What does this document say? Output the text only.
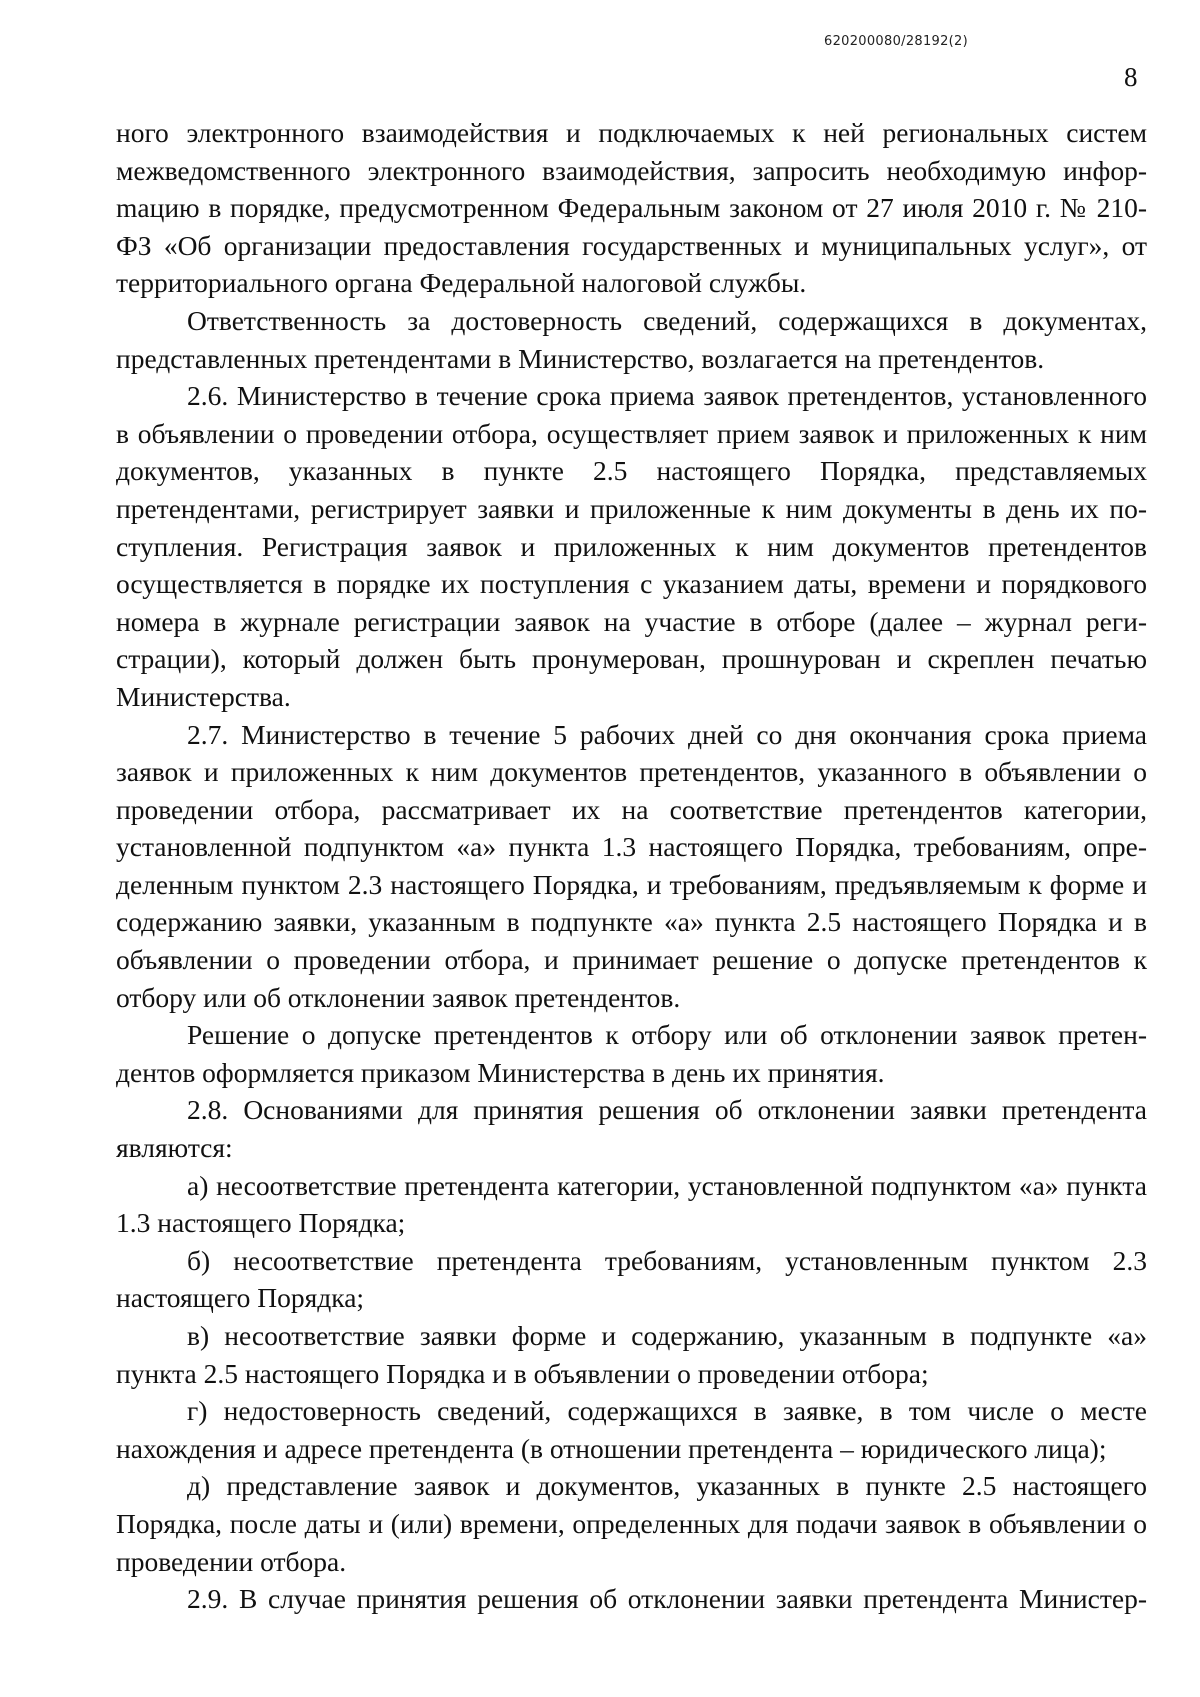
620200080/28192(2)
8

ного электронного взаимодействия и подключаемых к ней региональных систем межведомственного электронного взаимодействия, запросить необходимую инфорmацию в порядке, предусмотренном Федеральным законом от 27 июля 2010 г. № 210-ФЗ «Об организации предоставления государственных и муниципальных услуг», от территориального органа Федеральной налоговой службы.

Ответственность за достоверность сведений, содержащихся в документах, представленных претендентами в Министерство, возлагается на претендентов.

2.6. Министерство в течение срока приема заявок претендентов, установленного в объявлении о проведении отбора, осуществляет прием заявок и приложенных к ним документов, указанных в пункте 2.5 настоящего Порядка, представляемых претендентами, регистрирует заявки и приложенные к ним документы в день их поступления. Регистрация заявок и приложенных к ним документов претендентов осуществляется в порядке их поступления с указанием даты, времени и порядкового номера в журнале регистрации заявок на участие в отборе (далее – журнал регистрации), который должен быть пронумерован, прошнурован и скреплен печатью Министерства.

2.7. Министерство в течение 5 рабочих дней со дня окончания срока приема заявок и приложенных к ним документов претендентов, указанного в объявлении о проведении отбора, рассматривает их на соответствие претендентов категории, установленной подпунктом «а» пункта 1.3 настоящего Порядка, требованиям, определенным пунктом 2.3 настоящего Порядка, и требованиям, предъявляемым к форме и содержанию заявки, указанным в подпункте «а» пункта 2.5 настоящего Порядка и в объявлении о проведении отбора, и принимает решение о допуске претендентов к отбору или об отклонении заявок претендентов.

Решение о допуске претендентов к отбору или об отклонении заявок претендентов оформляется приказом Министерства в день их принятия.

2.8. Основаниями для принятия решения об отклонении заявки претендента являются:

а) несоответствие претендента категории, установленной подпунктом «а» пункта 1.3 настоящего Порядка;

б) несоответствие претендента требованиям, установленным пунктом 2.3 настоящего Порядка;

в) несоответствие заявки форме и содержанию, указанным в подпункте «а» пункта 2.5 настоящего Порядка и в объявлении о проведении отбора;

г) недостоверность сведений, содержащихся в заявке, в том числе о месте нахождения и адресе претендента (в отношении претендента – юридического лица);

д) представление заявок и документов, указанных в пункте 2.5 настоящего Порядка, после даты и (или) времени, определенных для подачи заявок в объявлении о проведении отбора.

2.9. В случае принятия решения об отклонении заявки претендента Министер-
